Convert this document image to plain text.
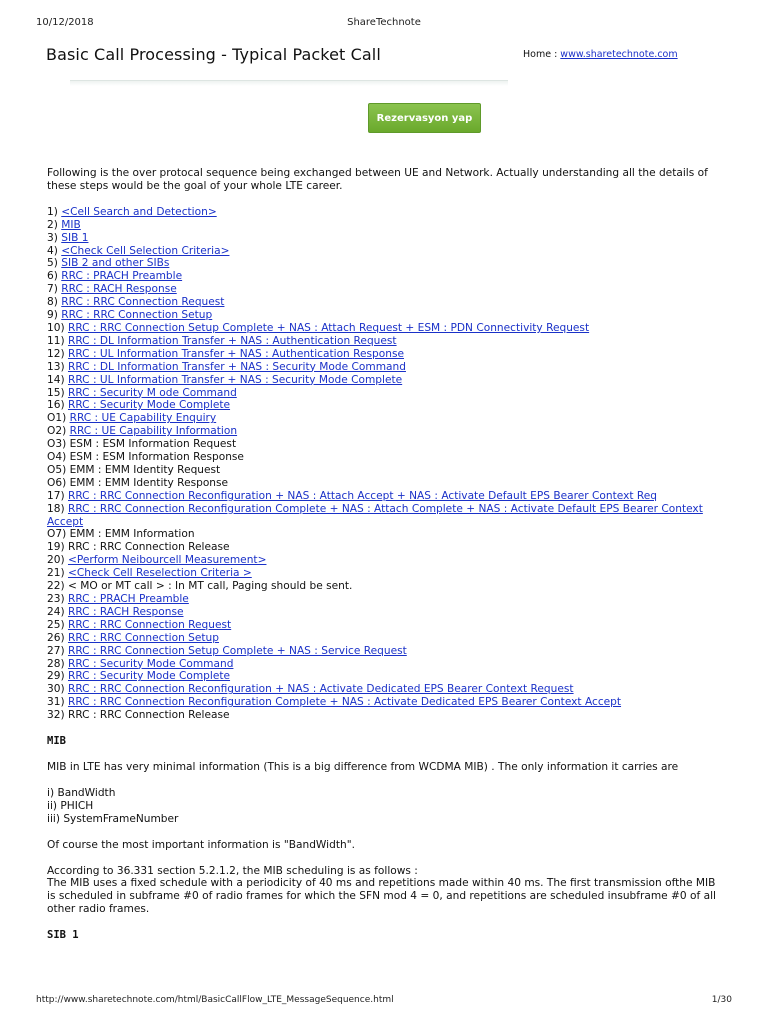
10/12/2018	ShareTechnote
Basic Call Processing - Typical Packet Call	Home : www.sharetechnote.com
Rezervasyon yap

Following is the over protocal sequence being exchanged between UE and Network. Actually understanding all the details of these steps would be the goal of your whole LTE career.

1) <Cell Search and Detection>
2) MIB
3) SIB 1
4) <Check Cell Selection Criteria>
5) SIB 2 and other SIBs
6) RRC : PRACH Preamble
7) RRC : RACH Response
8) RRC : RRC Connection Request
9) RRC : RRC Connection Setup
10) RRC : RRC Connection Setup Complete + NAS : Attach Request + ESM : PDN Connectivity Request
11) RRC : DL Information Transfer + NAS : Authentication Request
12) RRC : UL Information Transfer + NAS : Authentication Response
13) RRC : DL Information Transfer + NAS : Security Mode Command
14) RRC : UL Information Transfer + NAS : Security Mode Complete
15) RRC : Security M ode Command
16) RRC : Security Mode Complete
O1) RRC : UE Capability Enquiry
O2) RRC : UE Capability Information
O3) ESM : ESM Information Request
O4) ESM : ESM Information Response
O5) EMM : EMM Identity Request
O6) EMM : EMM Identity Response
17) RRC : RRC Connection Reconfiguration + NAS : Attach Accept + NAS : Activate Default EPS Bearer Context Req
18) RRC : RRC Connection Reconfiguration Complete + NAS : Attach Complete + NAS : Activate Default EPS Bearer Context Accept
O7) EMM : EMM Information
19) RRC : RRC Connection Release
20) <Perform Neibourcell Measurement>
21) <Check Cell Reselection Criteria >
22) < MO or MT call > : In MT call, Paging should be sent.
23) RRC : PRACH Preamble
24) RRC : RACH Response
25) RRC : RRC Connection Request
26) RRC : RRC Connection Setup
27) RRC : RRC Connection Setup Complete + NAS : Service Request
28) RRC : Security Mode Command
29) RRC : Security Mode Complete
30) RRC : RRC Connection Reconfiguration + NAS : Activate Dedicated EPS Bearer Context Request
31) RRC : RRC Connection Reconfiguration Complete + NAS : Activate Dedicated EPS Bearer Context Accept
32) RRC : RRC Connection Release

MIB

MIB in LTE has very minimal information (This is a big difference from WCDMA MIB) . The only information it carries are

i) BandWidth

ii) PHICH

iii) SystemFrameNumber

Of course the most important information is "BandWidth".

According to 36.331 section 5.2.1.2, the MIB scheduling is as follows :

The MIB uses a fixed schedule with a periodicity of 40 ms and repetitions made within 40 ms. The first transmission ofthe MIB is scheduled in subframe #0 of radio frames for which the SFN mod 4 = 0, and repetitions are scheduled insubframe #0 of all other radio frames.

SIB 1

http://www.sharetechnote.com/html/BasicCallFlow_LTE_MessageSequence.html	1/30
